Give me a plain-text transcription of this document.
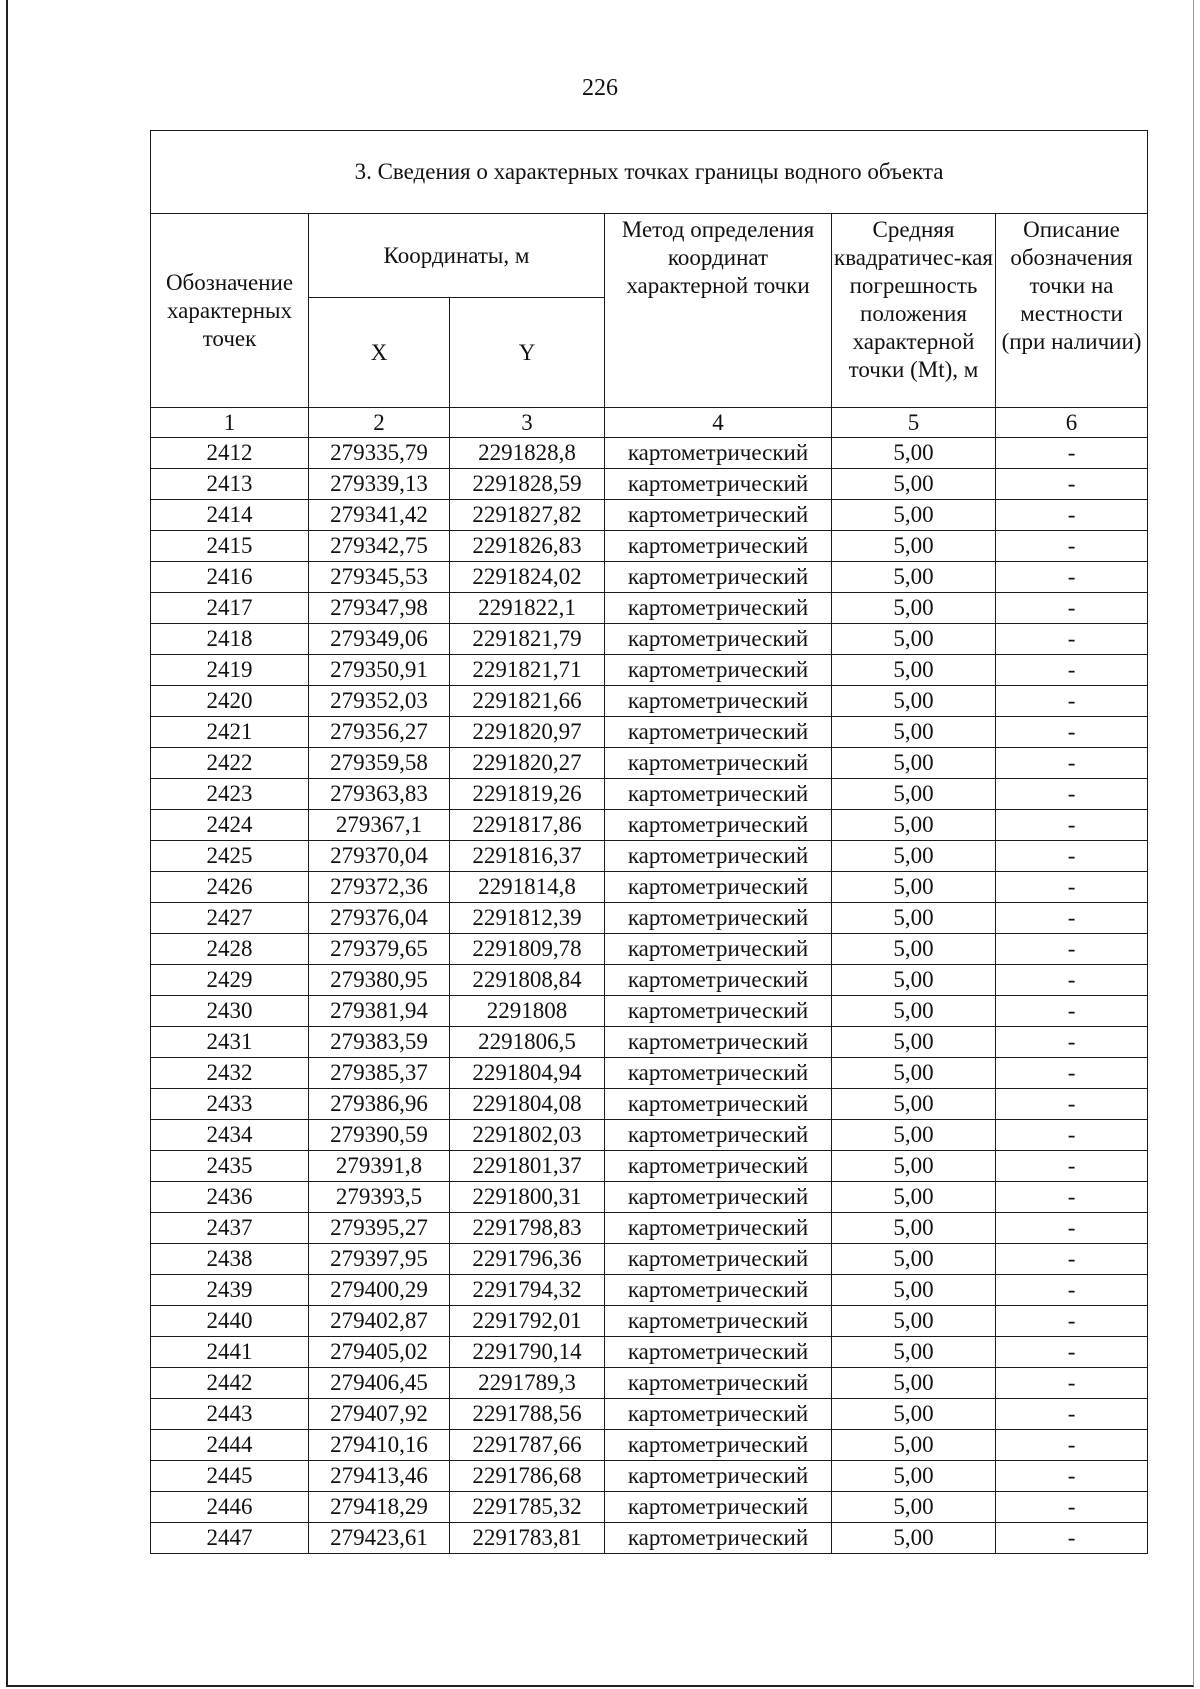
226
3. Сведения о характерных точках границы водного объекта					
Обозначение характерных точек	Координаты, м		Метод определения координат характерной точки	Средняя квадратичес-кая погрешность положения характерной точки (Mt), м	Описание обозначения точки на местности (при наличии)
	X	Y			
1	2	3	4	5	6
2412	279335,79	2291828,8	картометрический	5,00	-
2413	279339,13	2291828,59	картометрический	5,00	-
2414	279341,42	2291827,82	картометрический	5,00	-
2415	279342,75	2291826,83	картометрический	5,00	-
2416	279345,53	2291824,02	картометрический	5,00	-
2417	279347,98	2291822,1	картометрический	5,00	-
2418	279349,06	2291821,79	картометрический	5,00	-
2419	279350,91	2291821,71	картометрический	5,00	-
2420	279352,03	2291821,66	картометрический	5,00	-
2421	279356,27	2291820,97	картометрический	5,00	-
2422	279359,58	2291820,27	картометрический	5,00	-
2423	279363,83	2291819,26	картометрический	5,00	-
2424	279367,1	2291817,86	картометрический	5,00	-
2425	279370,04	2291816,37	картометрический	5,00	-
2426	279372,36	2291814,8	картометрический	5,00	-
2427	279376,04	2291812,39	картометрический	5,00	-
2428	279379,65	2291809,78	картометрический	5,00	-
2429	279380,95	2291808,84	картометрический	5,00	-
2430	279381,94	2291808	картометрический	5,00	-
2431	279383,59	2291806,5	картометрический	5,00	-
2432	279385,37	2291804,94	картометрический	5,00	-
2433	279386,96	2291804,08	картометрический	5,00	-
2434	279390,59	2291802,03	картометрический	5,00	-
2435	279391,8	2291801,37	картометрический	5,00	-
2436	279393,5	2291800,31	картометрический	5,00	-
2437	279395,27	2291798,83	картометрический	5,00	-
2438	279397,95	2291796,36	картометрический	5,00	-
2439	279400,29	2291794,32	картометрический	5,00	-
2440	279402,87	2291792,01	картометрический	5,00	-
2441	279405,02	2291790,14	картометрический	5,00	-
2442	279406,45	2291789,3	картометрический	5,00	-
2443	279407,92	2291788,56	картометрический	5,00	-
2444	279410,16	2291787,66	картометрический	5,00	-
2445	279413,46	2291786,68	картометрический	5,00	-
2446	279418,29	2291785,32	картометрический	5,00	-
2447	279423,61	2291783,81	картометрический	5,00	-
